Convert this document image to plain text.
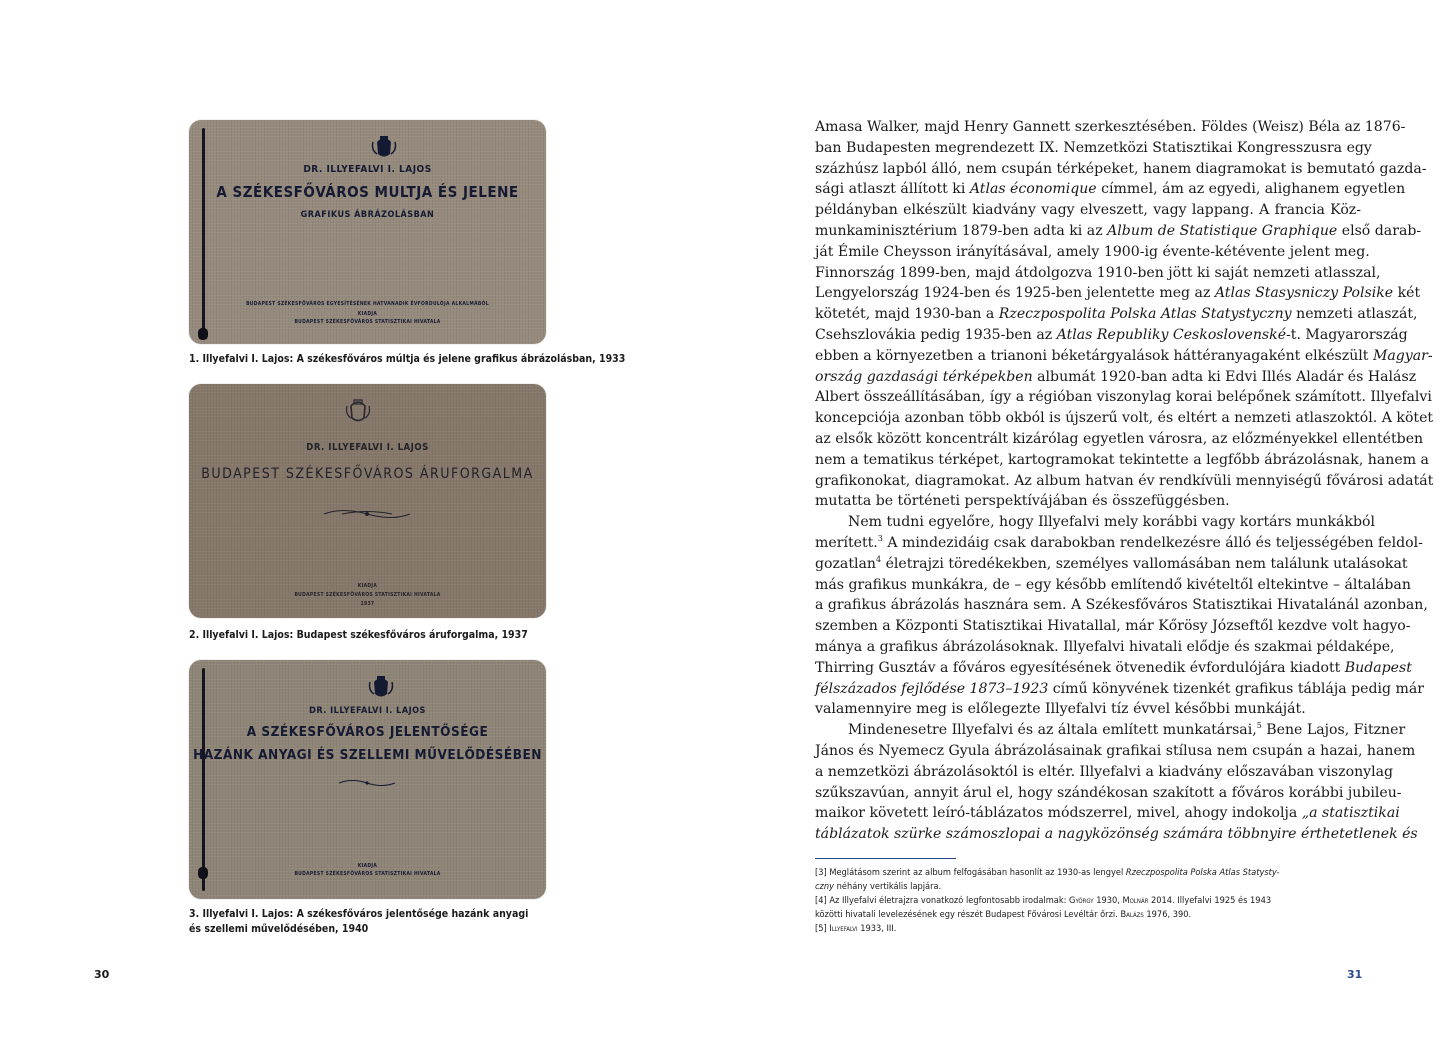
DR. ILLYEFALVI I. LAJOS
A SZÉKESFŐVÁROS MULTJA ÉS JELENE
GRAFIKUS ÁBRÁZOLÁSBAN
BUDAPEST SZÉKESFŐVÁROS EGYESÍTÉSÉNEK HATVANADIK ÉVFORDULÓJA ALKALMÁBÓL
KIADJA
BUDAPEST SZÉKESFŐVÁROS STATISZTIKAI HIVATALA
1. Illyefalvi I. Lajos: A székesfőváros múltja és jelene grafikus ábrázolásban, 1933
DR. ILLYEFALVI I. LAJOS
BUDAPEST SZÉKESFŐVÁROS ÁRUFORGALMA
KIADJA
BUDAPEST SZÉKESFŐVÁROS STATISZTIKAI HIVATALA
1937
2. Illyefalvi I. Lajos: Budapest székesfőváros áruforgalma, 1937
DR. ILLYEFALVI I. LAJOS
A SZÉKESFŐVÁROS JELENTŐSÉGE
HAZÁNK ANYAGI ÉS SZELLEMI MŰVELŐDÉSÉBEN
KIADJA
BUDAPEST SZÉKESFŐVÁROS STATISZTIKAI HIVATALA
3. Illyefalvi I. Lajos: A székesfőváros jelentősége hazánk anyagi
és szellemi művelődésében, 1940
30
Amasa Walker, majd Henry Gannett szerkesztésében. Földes (Weisz) Béla az 1876-
ban Budapesten megrendezett IX. Nemzetközi Statisztikai Kongresszusra egy
százhúsz lapból álló, nem csupán térképeket, hanem diagramokat is bemutató gazda-
sági atlaszt állított ki Atlas économique címmel, ám az egyedi, alighanem egyetlen
példányban elkészült kiadvány vagy elveszett, vagy lappang. A francia Köz-
munkaminisztérium 1879-ben adta ki az Album de Statistique Graphique első darab-
ját Émile Cheysson irányításával, amely 1900-ig évente-kétévente jelent meg.
Finnország 1899-ben, majd átdolgozva 1910-ben jött ki saját nemzeti atlasszal,
Lengyelország 1924-ben és 1925-ben jelentette meg az Atlas Stasysniczy Polsike két
kötetét, majd 1930-ban a Rzeczpospolita Polska Atlas Statystyczny nemzeti atlaszát,
Csehszlovákia pedig 1935-ben az Atlas Republiky Ceskoslovenské-t. Magyarország
ebben a környezetben a trianoni béketárgyalások háttéranyagaként elkészült Magyar-
ország gazdasági térképekben albumát 1920-ban adta ki Edvi Illés Aladár és Halász
Albert összeállításában, így a régióban viszonylag korai belépőnek számított. Illyefalvi
koncepciója azonban több okból is újszerű volt, és eltért a nemzeti atlaszoktól. A kötet
az elsők között koncentrált kizárólag egyetlen városra, az előzményekkel ellentétben
nem a tematikus térképet, kartogramokat tekintette a legfőbb ábrázolásnak, hanem a
grafikonokat, diagramokat. Az album hatvan év rendkívüli mennyiségű fővárosi adatát
mutatta be történeti perspektívájában és összefüggésben.
Nem tudni egyelőre, hogy Illyefalvi mely korábbi vagy kortárs munkákból
merített.$^3$ A mindezidáig csak darabokban rendelkezésre álló és teljességében feldol-
gozatlan$^4$ életrajzi töredékekben, személyes vallomásában nem találunk utalásokat
más grafikus munkákra, de – egy később említendő kivételtől eltekintve – általában
a grafikus ábrázolás hasznára sem. A Székesfőváros Statisztikai Hivatalánál azonban,
szemben a Központi Statisztikai Hivatallal, már Kőrösy Józseftől kezdve volt hagyo-
mánya a grafikus ábrázolásoknak. Illyefalvi hivatali elődje és szakmai példaképe,
Thirring Gusztáv a főváros egyesítésének ötvenedik évfordulójára kiadott Budapest
félszázados fejlődése 1873–1923 című könyvének tizenkét grafikus táblája pedig már
valamennyire meg is előlegezte Illyefalvi tíz évvel későbbi munkáját.
Mindenesetre Illyefalvi és az általa említett munkatársai,$^5$ Bene Lajos, Fitzner
János és Nyemecz Gyula ábrázolásainak grafikai stílusa nem csupán a hazai, hanem
a nemzetközi ábrázolásoktól is eltér. Illyefalvi a kiadvány előszavában viszonylag
szűkszavúan, annyit árul el, hogy szándékosan szakított a főváros korábbi jubileu-
maikor követett leíró-táblázatos módszerrel, mivel, ahogy indokolja „a statisztikai
táblázatok szürke számoszlopai a nagyközönség számára többnyire érthetetlenek és
[3] Meglátásom szerint az album felfogásában hasonlít az 1930-as lengyel Rzeczpospolita Polska Atlas Statysty-
czny néhány vertikális lapjára.
[4] Az Illyefalvi életrajzra vonatkozó legfontosabb irodalmak: György 1930, Molnár 2014. Illyefalvi 1925 és 1943
közötti hivatali levelezésének egy részét Budapest Fővárosi Levéltár őrzi. Balázs 1976, 390.
[5] Illyefalvi 1933, III.
31
